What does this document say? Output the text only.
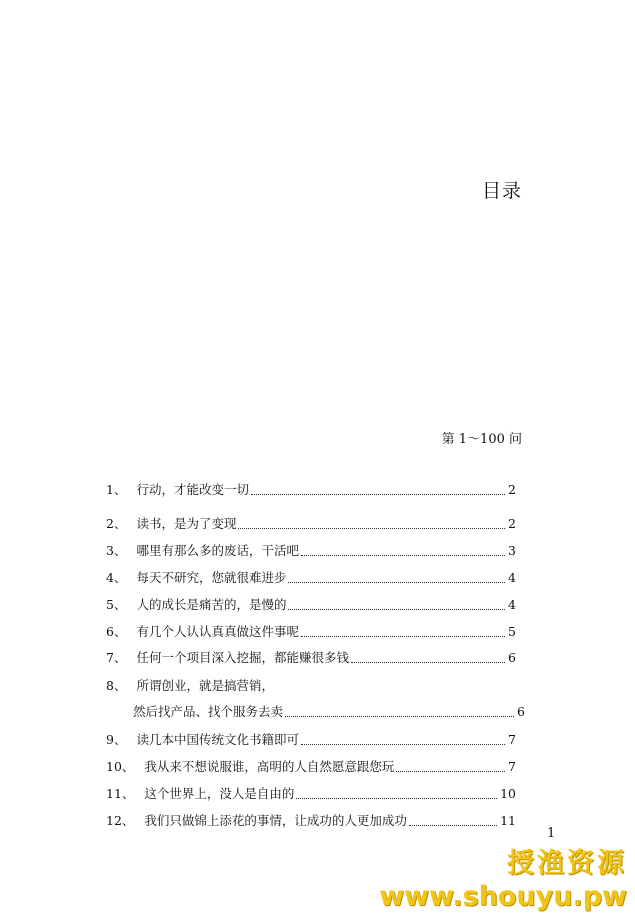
目录
第 1～100 问
1、 行动，才能改变一切	2
2、 读书，是为了变现	2
3、 哪里有那么多的废话，干活吧	3
4、 每天不研究，您就很难进步	4
5、 人的成长是痛苦的，是慢的	4
6、 有几个人认认真真做这件事呢	5
7、 任何一个项目深入挖掘，都能赚很多钱	6
8、 所谓创业，就是搞营销，
然后找产品、找个服务去卖	6
9、 读几本中国传统文化书籍即可	7
10、 我从来不想说服谁，高明的人自然愿意跟您玩	7
11、 这个世界上，没人是自由的	10
12、 我们只做锦上添花的事情，让成功的人更加成功	11
1
授渔资源
www.shouyu.pw
